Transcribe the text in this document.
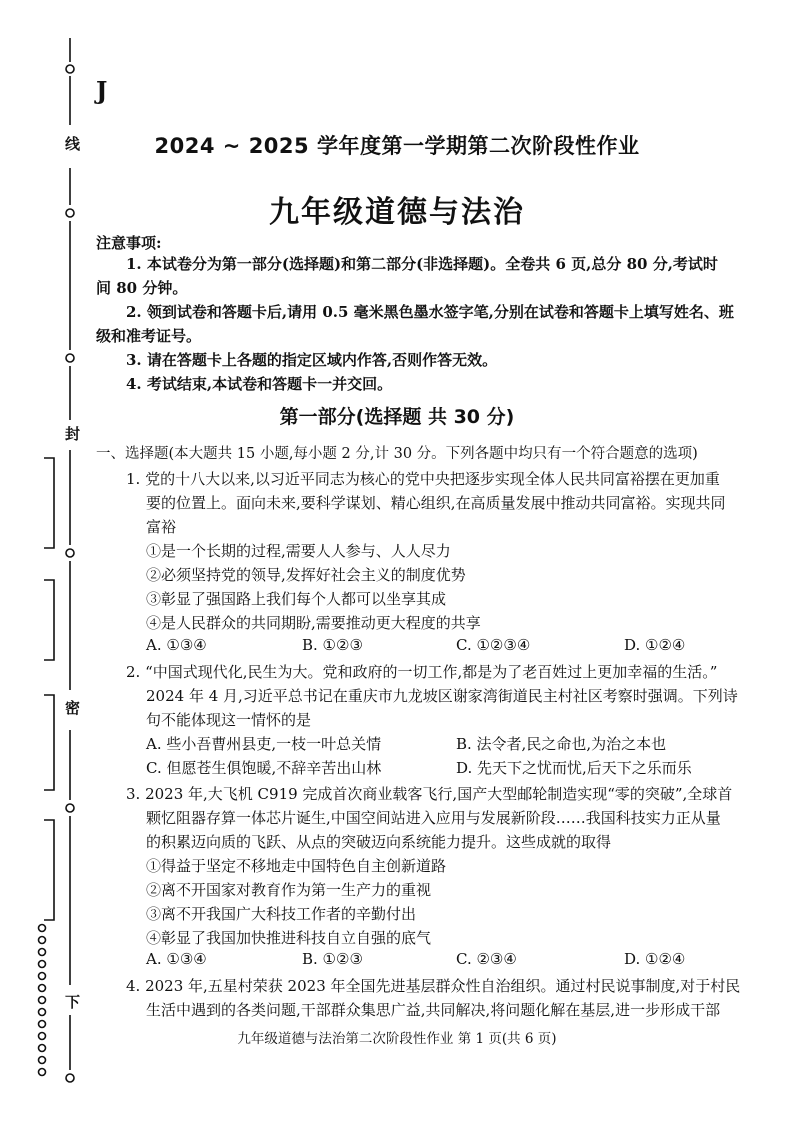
线
封
密
下
J
2024 ~ 2025 学年度第一学期第二次阶段性作业
九年级道德与法治
注意事项:
1. 本试卷分为第一部分(选择题)和第二部分(非选择题)。全卷共 6 页,总分 80 分,考试时
间 80 分钟。
2. 领到试卷和答题卡后,请用 0.5 毫米黑色墨水签字笔,分别在试卷和答题卡上填写姓名、班
级和准考证号。
3. 请在答题卡上各题的指定区域内作答,否则作答无效。
4. 考试结束,本试卷和答题卡一并交回。
第一部分(选择题 共 30 分)
一、选择题(本大题共 15 小题,每小题 2 分,计 30 分。下列各题中均只有一个符合题意的选项)
1. 党的十八大以来,以习近平同志为核心的党中央把逐步实现全体人民共同富裕摆在更加重
要的位置上。面向未来,要科学谋划、精心组织,在高质量发展中推动共同富裕。实现共同
富裕
①是一个长期的过程,需要人人参与、人人尽力
②必须坚持党的领导,发挥好社会主义的制度优势
③彰显了强国路上我们每个人都可以坐享其成
④是人民群众的共同期盼,需要推动更大程度的共享
A. ①③④	B. ①②③	C. ①②③④	D. ①②④
2. “中国式现代化,民生为大。党和政府的一切工作,都是为了老百姓过上更加幸福的生活。”
2024 年 4 月,习近平总书记在重庆市九龙坡区谢家湾街道民主村社区考察时强调。下列诗
句不能体现这一情怀的是
A. 些小吾曹州县吏,一枝一叶总关情	B. 法令者,民之命也,为治之本也
C. 但愿苍生俱饱暖,不辞辛苦出山林	D. 先天下之忧而忧,后天下之乐而乐
3. 2023 年,大飞机 C919 完成首次商业载客飞行,国产大型邮轮制造实现“零的突破”,全球首
颗忆阻器存算一体芯片诞生,中国空间站进入应用与发展新阶段……我国科技实力正从量
的积累迈向质的飞跃、从点的突破迈向系统能力提升。这些成就的取得
①得益于坚定不移地走中国特色自主创新道路
②离不开国家对教育作为第一生产力的重视
③离不开我国广大科技工作者的辛勤付出
④彰显了我国加快推进科技自立自强的底气
A. ①③④	B. ①②③	C. ②③④	D. ①②④
4. 2023 年,五星村荣获 2023 年全国先进基层群众性自治组织。通过村民说事制度,对于村民
生活中遇到的各类问题,干部群众集思广益,共同解决,将问题化解在基层,进一步形成干部
九年级道德与法治第二次阶段性作业 第 1 页(共 6 页)
